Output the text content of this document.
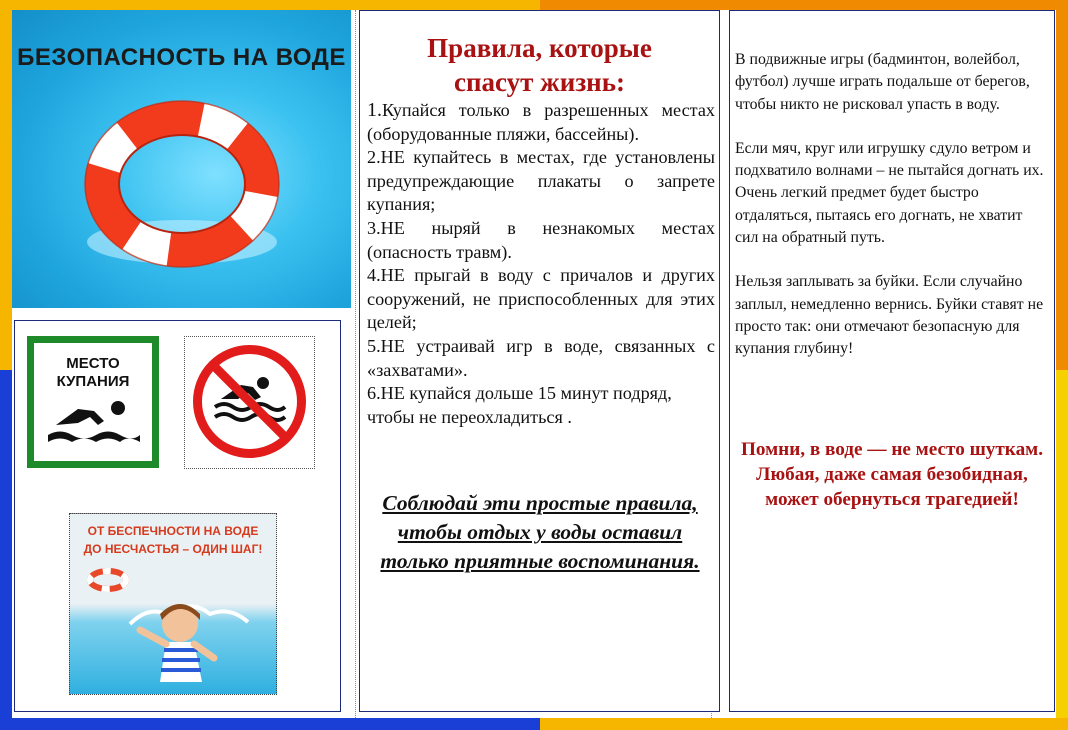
БЕЗОПАСНОСТЬ НА ВОДЕ
МЕСТО
КУПАНИЯ
ОТ БЕСПЕЧНОСТИ НА ВОДЕ
ДО НЕСЧАСТЬЯ – ОДИН ШАГ!
Правила, которые
спасут жизнь:

1.Купайся только в разрешенных местах (оборудованные пляжи, бассейны).

2.НЕ купайтесь в местах, где установлены предупреждающие плакаты о запрете купания;

3.НЕ ныряй в незнакомых местах (опасность травм).

4.НЕ прыгай в воду с причалов и других сооружений, не приспособленных для этих целей;

5.НЕ устраивай игр в воде, связанных с «захватами».

6.НЕ купайся дольше 15 минут подряд, чтобы не переохладиться .

Соблюдай эти простые правила, чтобы отдых у воды оставил только приятные воспоминания.

В подвижные игры (бадминтон, волейбол, футбол) лучше играть подальше от берегов, чтобы никто не рисковал упасть в воду.

Если мяч, круг или игрушку сдуло ветром и подхватило волнами – не пытайся догнать их. Очень легкий предмет будет быстро отдаляться, пытаясь его догнать, не хватит сил на обратный путь.

Нельзя заплывать за буйки. Если случайно заплыл, немедленно вернись. Буйки ставят не просто так: они отмечают безопасную для купания глубину!

Помни, в воде — не место шуткам. Любая, даже самая безобидная, может обернуться трагедией!
